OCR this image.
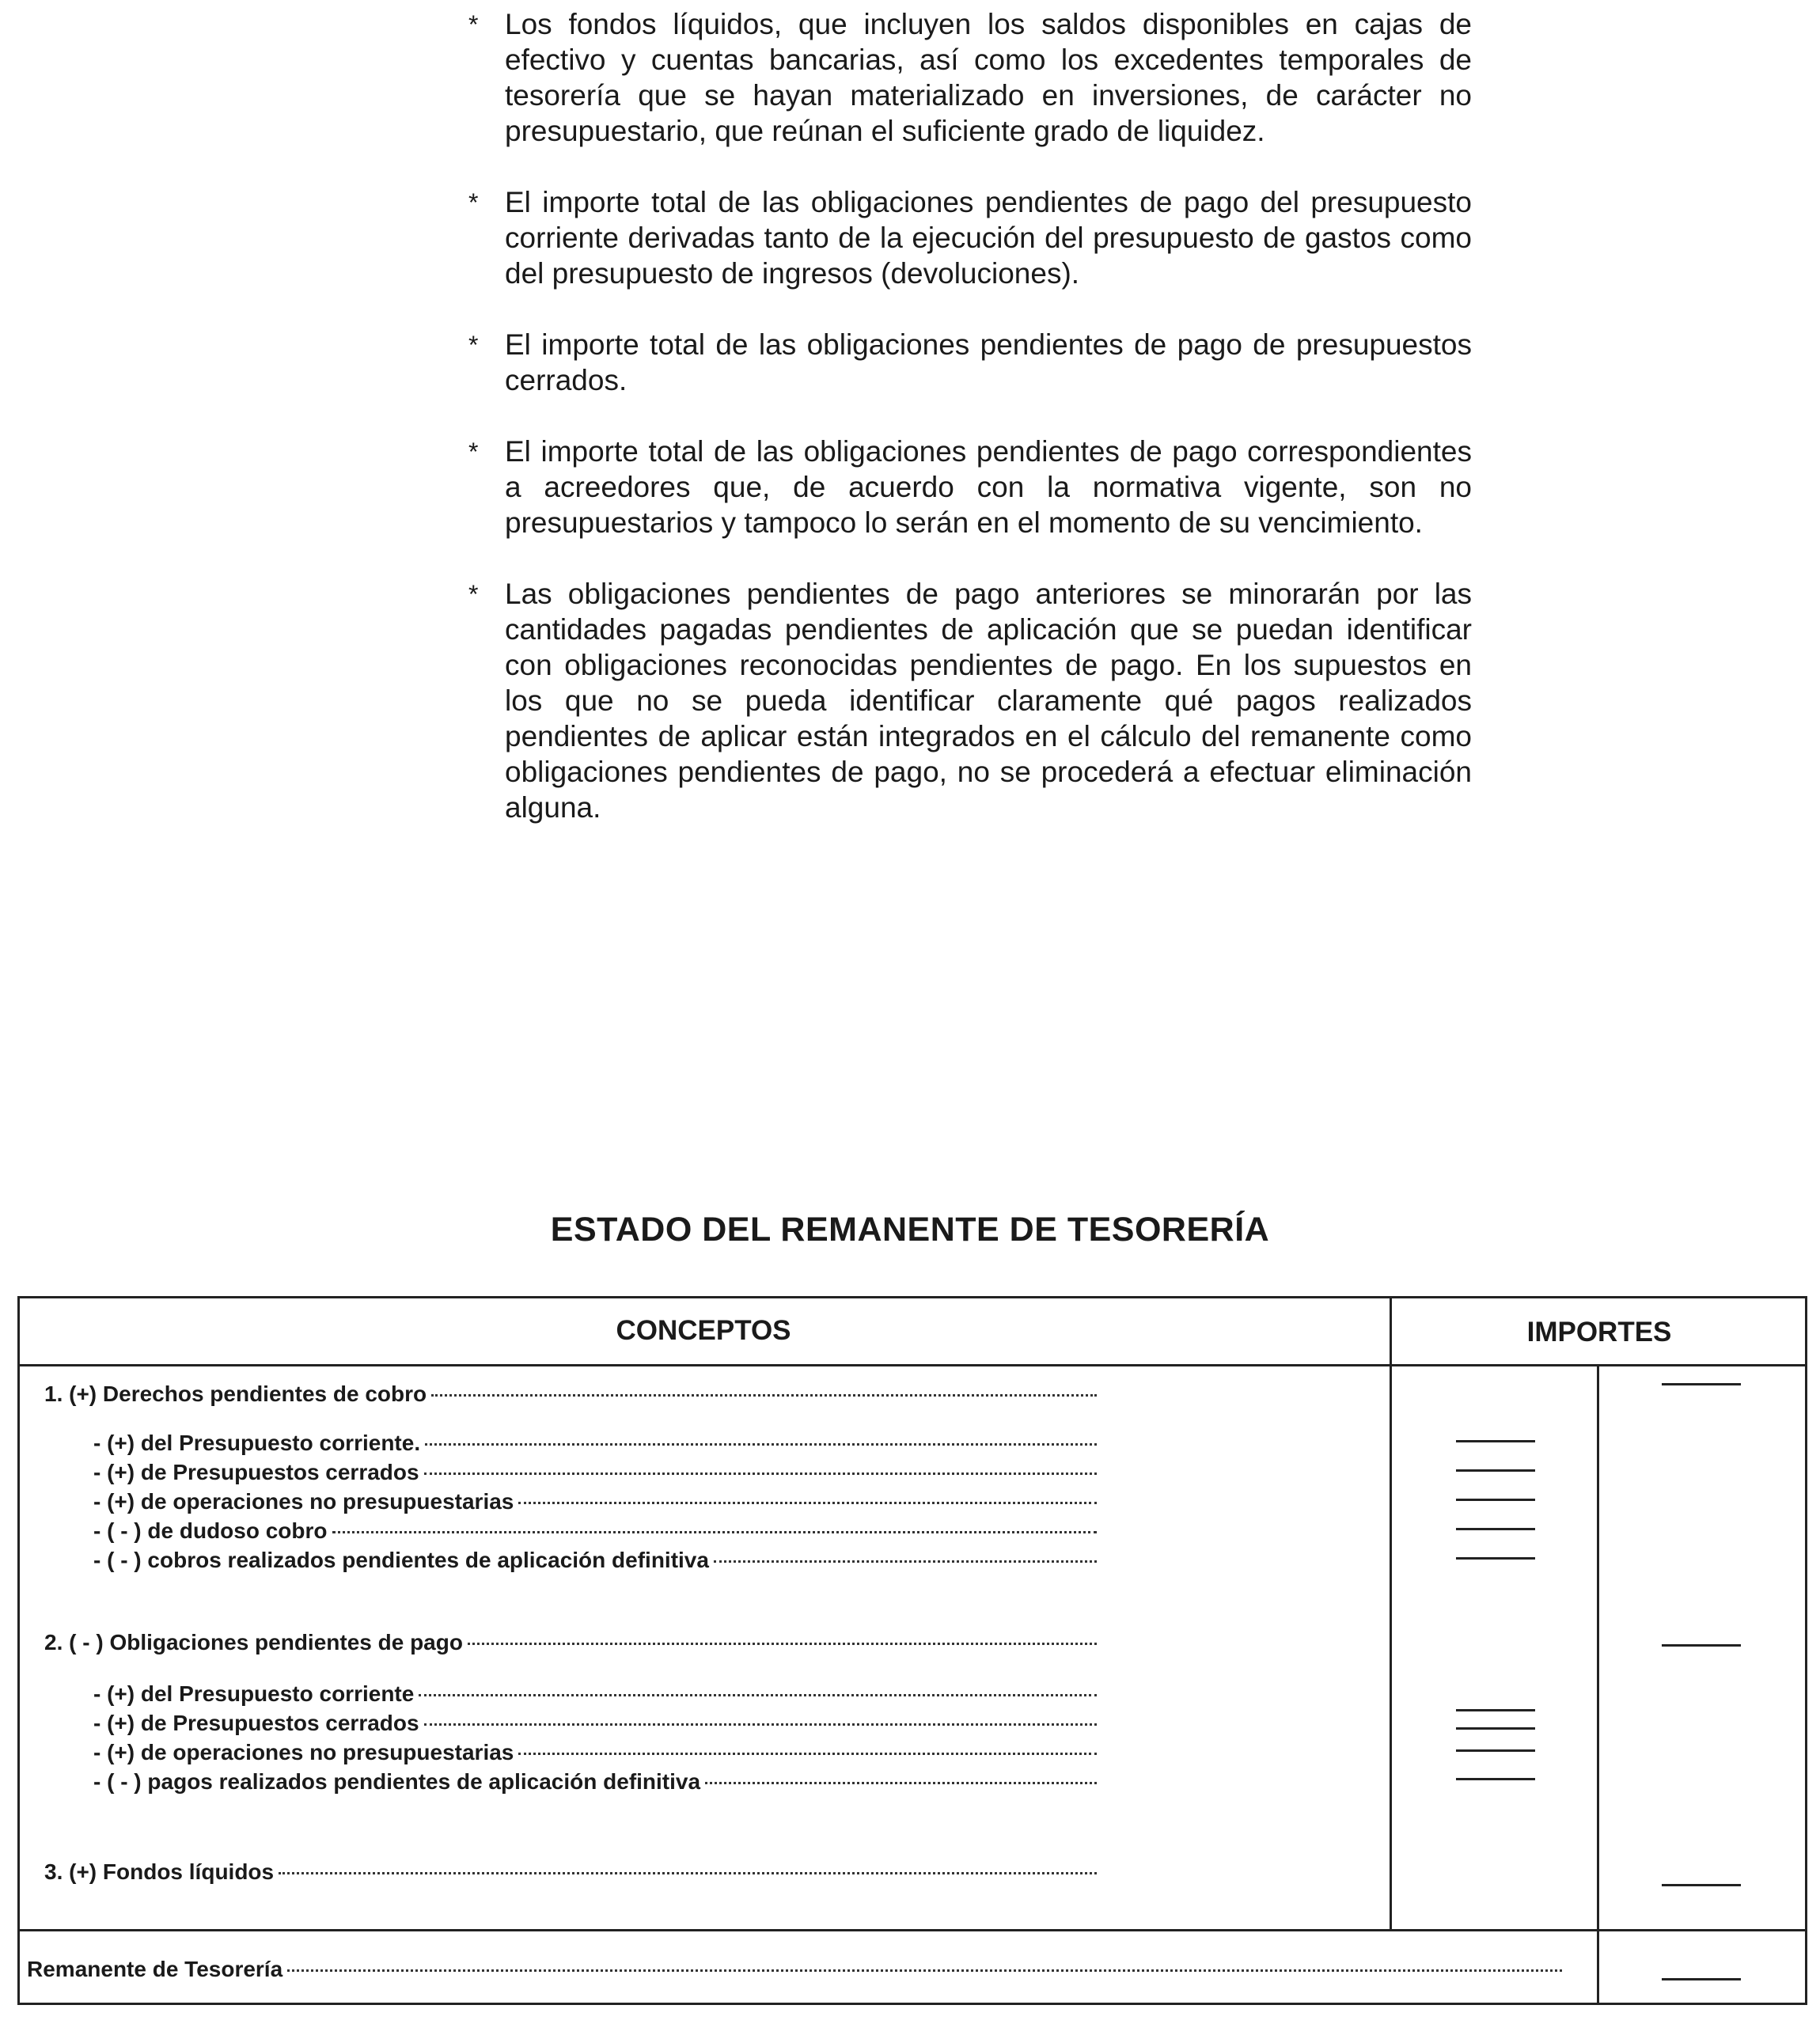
* Los fondos líquidos, que incluyen los saldos disponibles en cajas de efectivo y cuentas bancarias, así como los excedentes temporales de tesorería que se hayan materializado en inversiones, de carácter no presupuestario, que reúnan el suficiente grado de liquidez.
* El importe total de las obligaciones pendientes de pago del presupuesto corriente derivadas tanto de la ejecución del presupuesto de gastos como del presupuesto de ingresos (devoluciones).
* El importe total de las obligaciones pendientes de pago de presupuestos cerrados.
* El importe total de las obligaciones pendientes de pago correspondientes a acreedores que, de acuerdo con la normativa vigente, son no presupuestarios y tampoco lo serán en el momento de su vencimiento.
* Las obligaciones pendientes de pago anteriores se minorarán por las cantidades pagadas pendientes de aplicación que se puedan identificar con obligaciones reconocidas pendientes de pago. En los supuestos en los que no se pueda identificar claramente qué pagos realizados pendientes de aplicar están integrados en el cálculo del remanente como obligaciones pendientes de pago, no se procederá a efectuar eliminación alguna.
ESTADO DEL REMANENTE DE TESORERÍA
CONCEPTOS	IMPORTES
1. (+) Derechos pendientes de cobro
- (+) del Presupuesto corriente.
- (+) de Presupuestos cerrados
- (+) de operaciones no presupuestarias
- ( - ) de dudoso cobro
- ( - ) cobros realizados pendientes de aplicación definitiva
2. ( - ) Obligaciones pendientes de pago
- (+) del Presupuesto corriente
- (+) de Presupuestos cerrados
- (+) de operaciones no presupuestarias
- ( - ) pagos realizados pendientes de aplicación definitiva
3. (+) Fondos líquidos
Remanente de Tesorería
